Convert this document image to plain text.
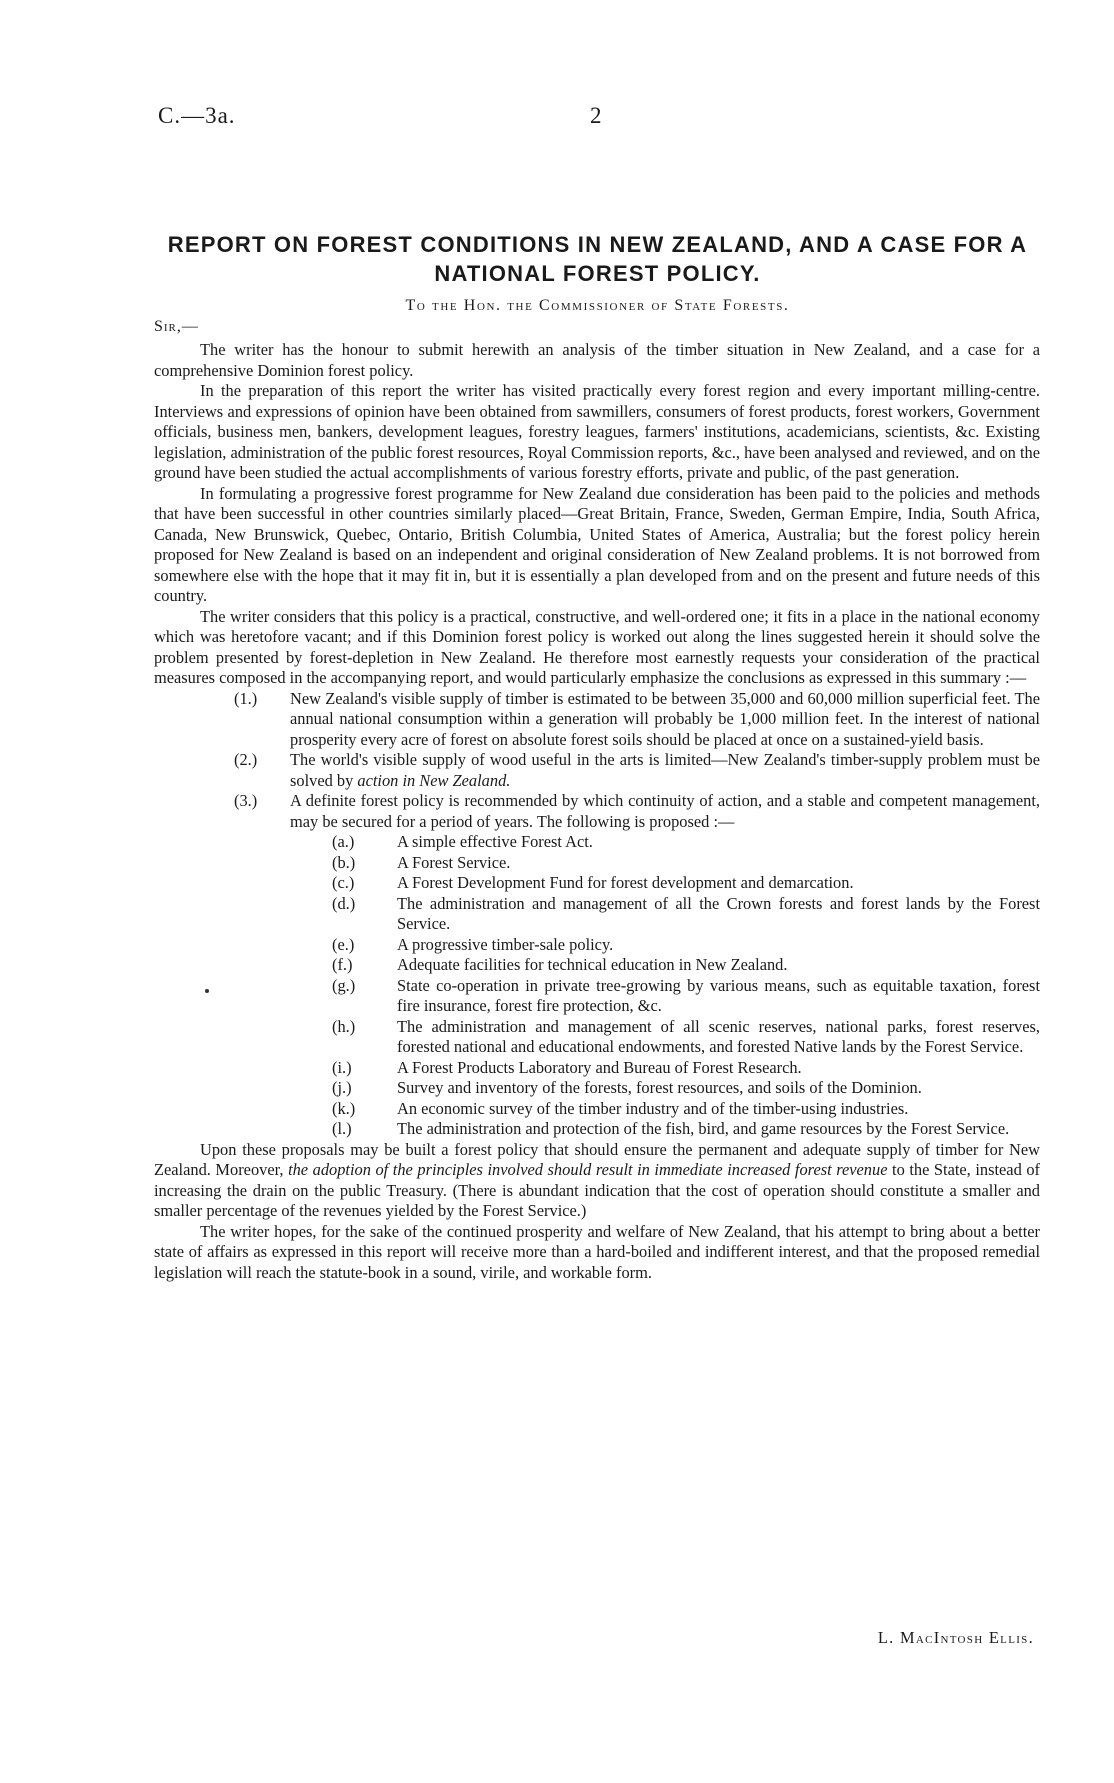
C.—3a.	2
REPORT ON FOREST CONDITIONS IN NEW ZEALAND, AND A CASE FOR A NATIONAL FOREST POLICY.
To the Hon. the Commissioner of State Forests.
Sir,—

The writer has the honour to submit herewith an analysis of the timber situation in New Zealand, and a case for a comprehensive Dominion forest policy.

In the preparation of this report the writer has visited practically every forest region and every important milling-centre. Interviews and expressions of opinion have been obtained from sawmillers, consumers of forest products, forest workers, Government officials, business men, bankers, development leagues, forestry leagues, farmers' institutions, academicians, scientists, &c. Existing legislation, administration of the public forest resources, Royal Commission reports, &c., have been analysed and reviewed, and on the ground have been studied the actual accomplishments of various forestry efforts, private and public, of the past generation.

In formulating a progressive forest programme for New Zealand due consideration has been paid to the policies and methods that have been successful in other countries similarly placed—Great Britain, France, Sweden, German Empire, India, South Africa, Canada, New Brunswick, Quebec, Ontario, British Columbia, United States of America, Australia; but the forest policy herein proposed for New Zealand is based on an independent and original consideration of New Zealand problems. It is not borrowed from somewhere else with the hope that it may fit in, but it is essentially a plan developed from and on the present and future needs of this country.

The writer considers that this policy is a practical, constructive, and well-ordered one; it fits in a place in the national economy which was heretofore vacant; and if this Dominion forest policy is worked out along the lines suggested herein it should solve the problem presented by forest-depletion in New Zealand. He therefore most earnestly requests your consideration of the practical measures composed in the accompanying report, and would particularly emphasize the conclusions as expressed in this summary :—

(1.) New Zealand's visible supply of timber is estimated to be between 35,000 and 60,000 million superficial feet. The annual national consumption within a generation will probably be 1,000 million feet. In the interest of national prosperity every acre of forest on absolute forest soils should be placed at once on a sustained-yield basis.
(2.) The world's visible supply of wood useful in the arts is limited—New Zealand's timber-supply problem must be solved by action in New Zealand.
(3.) A definite forest policy is recommended by which continuity of action, and a stable and competent management, may be secured for a period of years. The following is proposed :—
(a.)	A simple effective Forest Act.
(b.)	A Forest Service.
(c.)	A Forest Development Fund for forest development and demarcation.
(d.)	The administration and management of all the Crown forests and forest lands by the Forest Service.
(e.)	A progressive timber-sale policy.
(f.)	Adequate facilities for technical education in New Zealand.
(g.)	State co-operation in private tree-growing by various means, such as equitable taxation, forest fire insurance, forest fire protection, &c.
(h.)	The administration and management of all scenic reserves, national parks, forest reserves, forested national and educational endowments, and forested Native lands by the Forest Service.
(i.)	A Forest Products Laboratory and Bureau of Forest Research.
(j.)	Survey and inventory of the forests, forest resources, and soils of the Dominion.
(k.)	An economic survey of the timber industry and of the timber-using industries.
(l.)	The administration and protection of the fish, bird, and game resources by the Forest Service.

Upon these proposals may be built a forest policy that should ensure the permanent and adequate supply of timber for New Zealand. Moreover, the adoption of the principles involved should result in immediate increased forest revenue to the State, instead of increasing the drain on the public Treasury. (There is abundant indication that the cost of operation should constitute a smaller and smaller percentage of the revenues yielded by the Forest Service.)

The writer hopes, for the sake of the continued prosperity and welfare of New Zealand, that his attempt to bring about a better state of affairs as expressed in this report will receive more than a hard-boiled and indifferent interest, and that the proposed remedial legislation will reach the statute-book in a sound, virile, and workable form.

L. MacIntosh Ellis.
